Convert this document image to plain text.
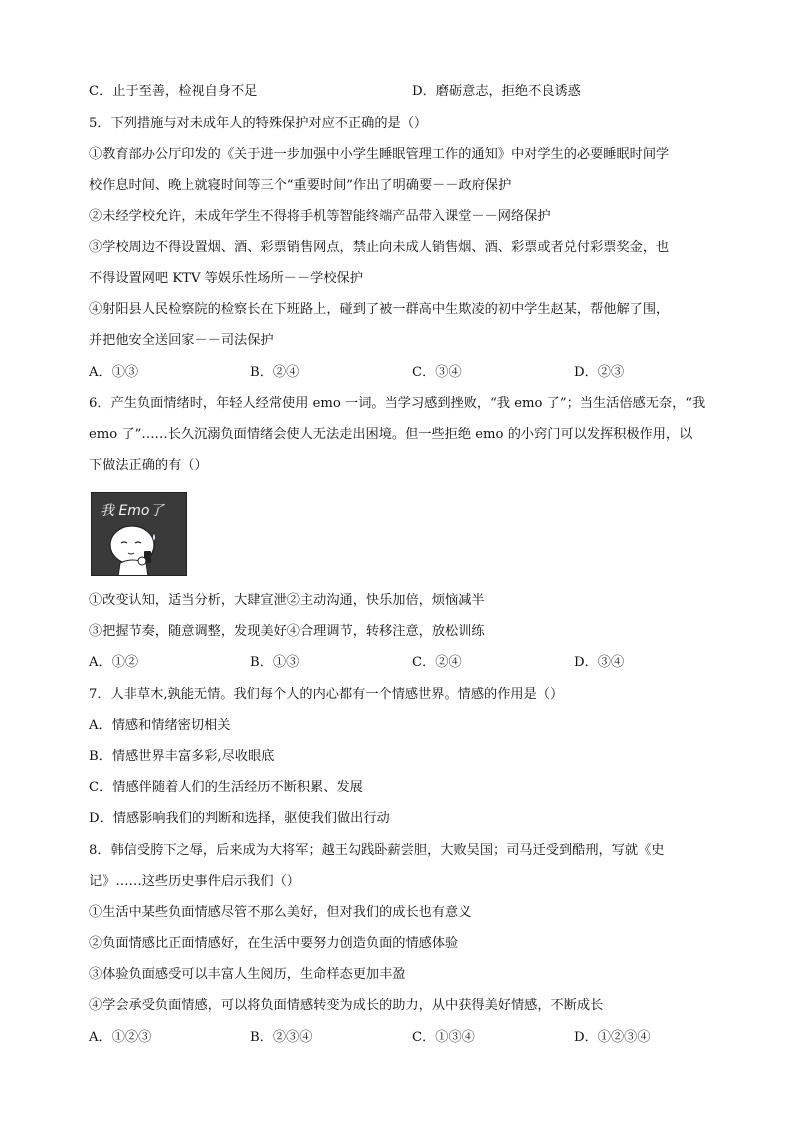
C．止于至善，检视自身不足	D．磨砺意志，拒绝不良诱惑
5．下列措施与对未成年人的特殊保护对应不正确的是（）
①教育部办公厅印发的《关于进一步加强中小学生睡眠管理工作的通知》中对学生的必要睡眠时间学
校作息时间、晚上就寝时间等三个“重要时间”作出了明确要－－政府保护
②未经学校允许，未成年学生不得将手机等智能终端产品带入课堂－－网络保护
③学校周边不得设置烟、酒、彩票销售网点，禁止向未成人销售烟、酒、彩票或者兑付彩票奖金，也
不得设置网吧 KTV 等娱乐性场所－－学校保护
④射阳县人民检察院的检察长在下班路上，碰到了被一群高中生欺凌的初中学生赵某，帮他解了围，
并把他安全送回家－－司法保护
A．①③	B．②④	C．③④	D．②③
6．产生负面情绪时，年轻人经常使用 emo 一词。当学习感到挫败，“我 emo 了”；当生活倍感无奈，“我
emo 了”……长久沉溺负面情绪会使人无法走出困境。但一些拒绝 emo 的小窍门可以发挥积极作用，以
下做法正确的有（）
我 Emo了
①改变认知，适当分析，大肆宣泄②主动沟通，快乐加倍，烦恼减半
③把握节奏，随意调整，发现美好④合理调节，转移注意，放松训练
A．①②	B．①③	C．②④	D．③④
7．人非草木,孰能无情。我们每个人的内心都有一个情感世界。情感的作用是（）
A．情感和情绪密切相关
B．情感世界丰富多彩,尽收眼底
C．情感伴随着人们的生活经历不断积累、发展
D．情感影响我们的判断和选择，驱使我们做出行动
8．韩信受胯下之辱，后来成为大将军；越王勾践卧薪尝胆，大败吴国；司马迁受到酷刑，写就《史
记》……这些历史事件启示我们（）
①生活中某些负面情感尽管不那么美好，但对我们的成长也有意义
②负面情感比正面情感好，在生活中要努力创造负面的情感体验
③体验负面感受可以丰富人生阅历，生命样态更加丰盈
④学会承受负面情感，可以将负面情感转变为成长的助力，从中获得美好情感，不断成长
A．①②③	B．②③④	C．①③④	D．①②③④
